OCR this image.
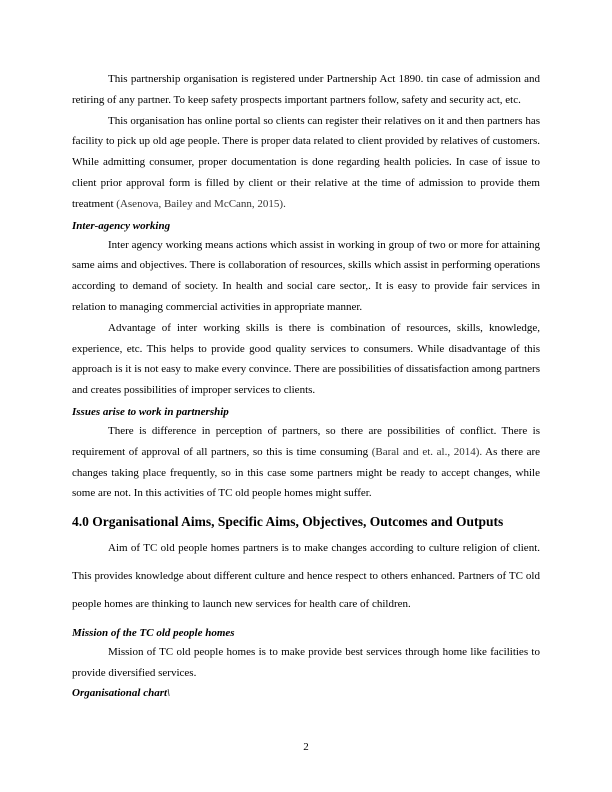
This partnership organisation is registered under Partnership Act 1890. tin case of admission and retiring of any partner. To keep safety prospects important partners follow, safety and security act, etc.

This organisation has online portal so clients can register their relatives on it and then partners has facility to pick up old age people. There is proper data related to client provided by relatives of customers. While admitting consumer, proper documentation is done regarding health policies. In case of issue to client prior approval form is filled by client or their relative at the time of admission to provide them treatment (Asenova, Bailey and McCann, 2015).

Inter-agency working

Inter agency working means actions which assist in working in group of two or more for attaining same aims and objectives. There is collaboration of resources, skills which assist in performing operations according to demand of society. In health and social care sector,. It is easy to provide fair services in relation to managing commercial activities in appropriate manner.

Advantage of inter working skills is there is combination of resources, skills, knowledge, experience, etc. This helps to provide good quality services to consumers. While disadvantage of this approach is it is not easy to make every convince. There are possibilities of dissatisfaction among partners and creates possibilities of improper services to clients.

Issues arise to work in partnership

There is difference in perception of partners, so there are possibilities of conflict. There is requirement of approval of all partners, so this is time consuming (Baral and et. al., 2014). As there are changes taking place frequently, so in this case some partners might be ready to accept changes, while some are not. In this activities of TC old people homes might suffer.

4.0 Organisational Aims, Specific Aims, Objectives, Outcomes and Outputs

Aim of TC old people homes partners is to make changes according to culture religion of client. This provides knowledge about different culture and hence respect to others enhanced. Partners of TC old people homes are thinking to launch new services for health care of children.

Mission of the TC old people homes

Mission of TC old people homes is to make provide best services through home like facilities to provide diversified services.

Organisational chart\
2
